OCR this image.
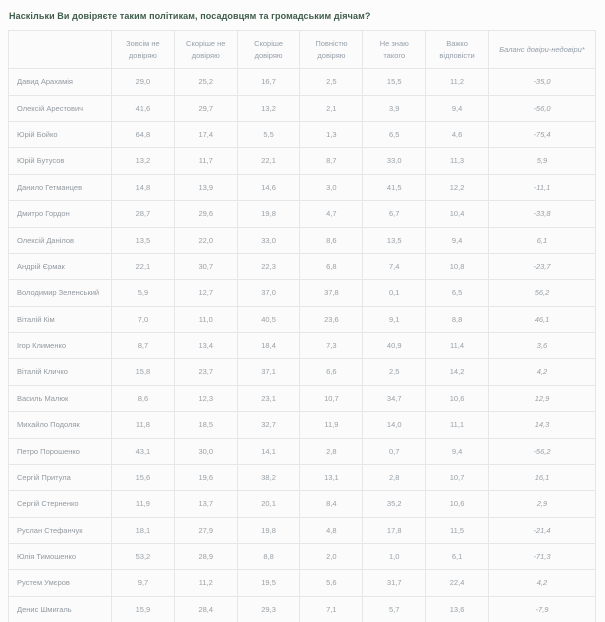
Наскільки Ви довіряєте таким політикам, посадовцям та громадським діячам?
	Зовсім не довіряю	Скоріше не довіряю	Скоріше довіряю	Повністю довіряю	Не знаю такого	Важко відповісти	Баланс довіри-недовіри*
Давид Арахамія	29,0	25,2	16,7	2,5	15,5	11,2	-35,0
Олексій Арестович	41,6	29,7	13,2	2,1	3,9	9,4	-56,0
Юрій Бойко	64,8	17,4	5,5	1,3	6,5	4,6	-75,4
Юрій Бутусов	13,2	11,7	22,1	8,7	33,0	11,3	5,9
Данило Гетманцев	14,8	13,9	14,6	3,0	41,5	12,2	-11,1
Дмитро Гордон	28,7	29,6	19,8	4,7	6,7	10,4	-33,8
Олексій Данілов	13,5	22,0	33,0	8,6	13,5	9,4	6,1
Андрій Єрмак	22,1	30,7	22,3	6,8	7,4	10,8	-23,7
Володимир Зеленський	5,9	12,7	37,0	37,8	0,1	6,5	56,2
Віталій Кім	7,0	11,0	40,5	23,6	9,1	8,8	46,1
Ігор Клименко	8,7	13,4	18,4	7,3	40,9	11,4	3,6
Віталій Кличко	15,8	23,7	37,1	6,6	2,5	14,2	4,2
Василь Малюк	8,6	12,3	23,1	10,7	34,7	10,6	12,9
Михайло Подоляк	11,8	18,5	32,7	11,9	14,0	11,1	14,3
Петро Порошенко	43,1	30,0	14,1	2,8	0,7	9,4	-56,2
Сергій Притула	15,6	19,6	38,2	13,1	2,8	10,7	16,1
Сергій Стерненко	11,9	13,7	20,1	8,4	35,2	10,6	2,9
Руслан Стефанчук	18,1	27,9	19,8	4,8	17,8	11,5	-21,4
Юлія Тимошенко	53,2	28,9	8,8	2,0	1,0	6,1	-71,3
Рустем Умєров	9,7	11,2	19,5	5,6	31,7	22,4	4,2
Денис Шмигаль	15,9	28,4	29,3	7,1	5,7	13,6	-7,9
